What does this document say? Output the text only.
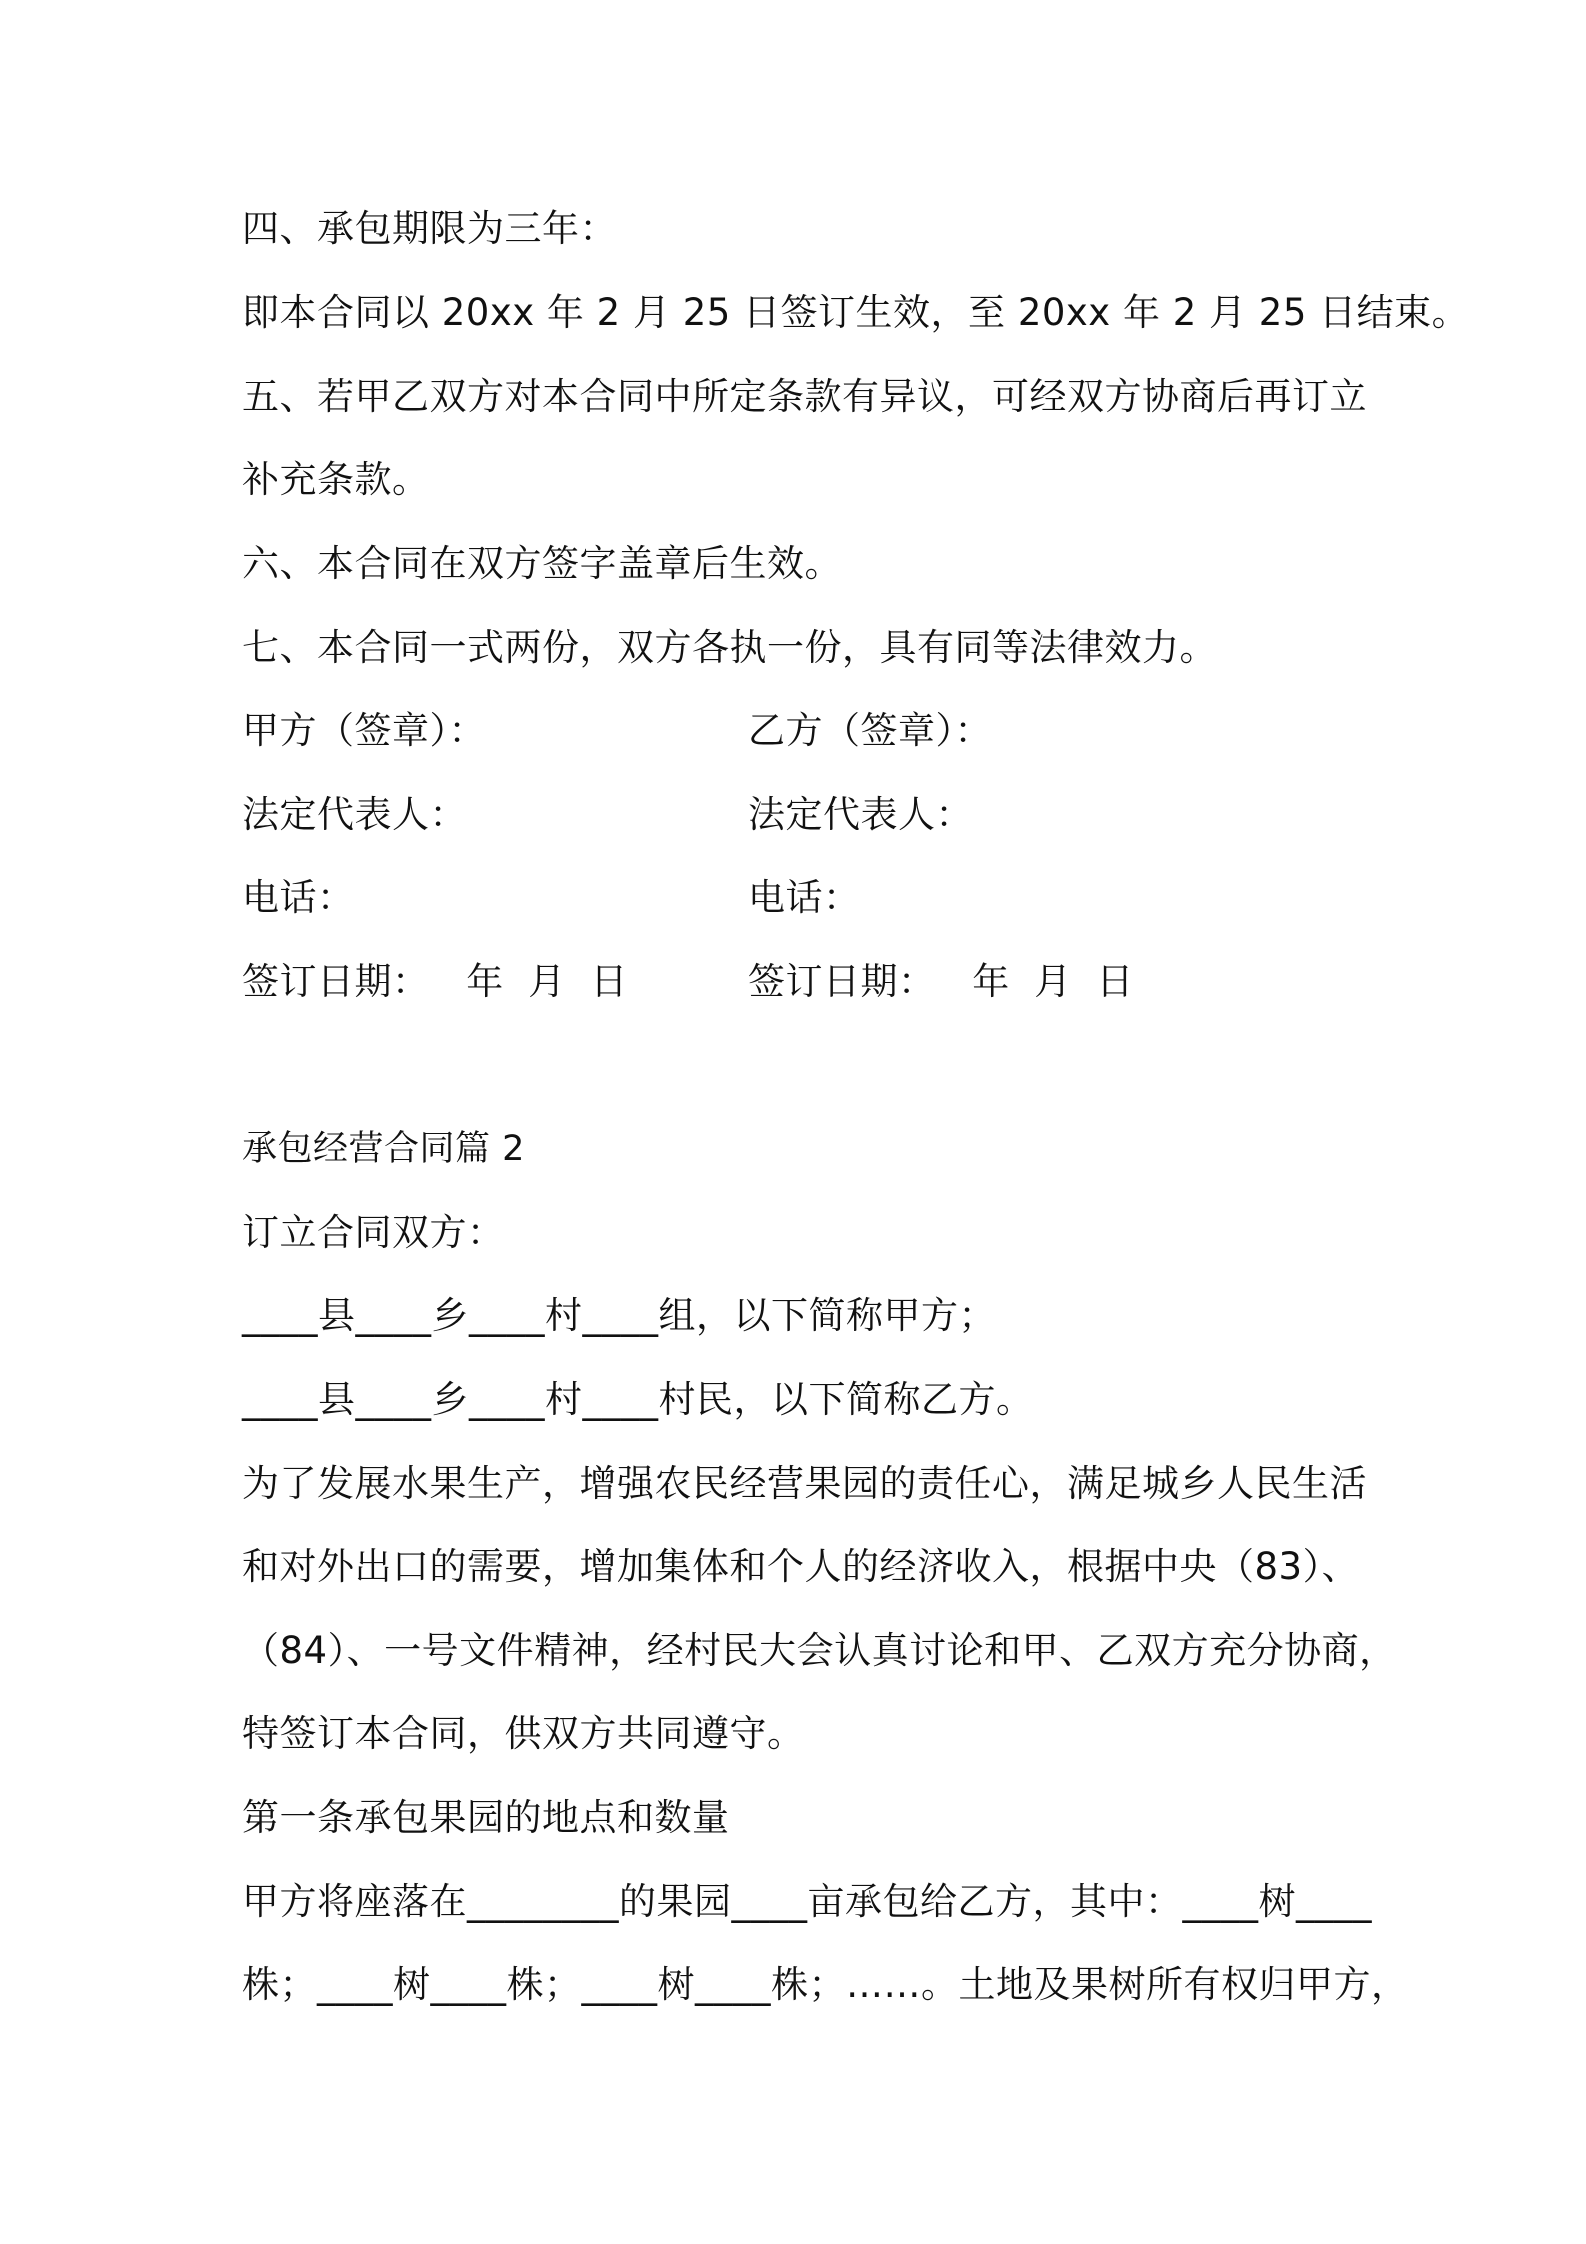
四、承包期限为三年：
即本合同以 20xx 年 2 月 25 日签订生效，至 20xx 年 2 月 25 日结束。
五、若甲乙双方对本合同中所定条款有异议，可经双方协商后再订立
补充条款。
六、本合同在双方签字盖章后生效。
七、本合同一式两份，双方各执一份，具有同等法律效力。
甲方（签章）：	乙方（签章）：
法定代表人：	法定代表人：
电话：	电话：
签订日期：   年  月  日	签订日期：   年  月  日
承包经营合同篇 2
订立合同双方：
____县____乡____村____组，以下简称甲方；
____县____乡____村____村民，以下简称乙方。
为了发展水果生产，增强农民经营果园的责任心，满足城乡人民生活
和对外出口的需要，增加集体和个人的经济收入，根据中央（83）、
（84）、一号文件精神，经村民大会认真讨论和甲、乙双方充分协商，
特签订本合同，供双方共同遵守。
第一条承包果园的地点和数量
甲方将座落在________的果园____亩承包给乙方，其中：____树____
株；____树____株；____树____株；……。土地及果树所有权归甲方，
